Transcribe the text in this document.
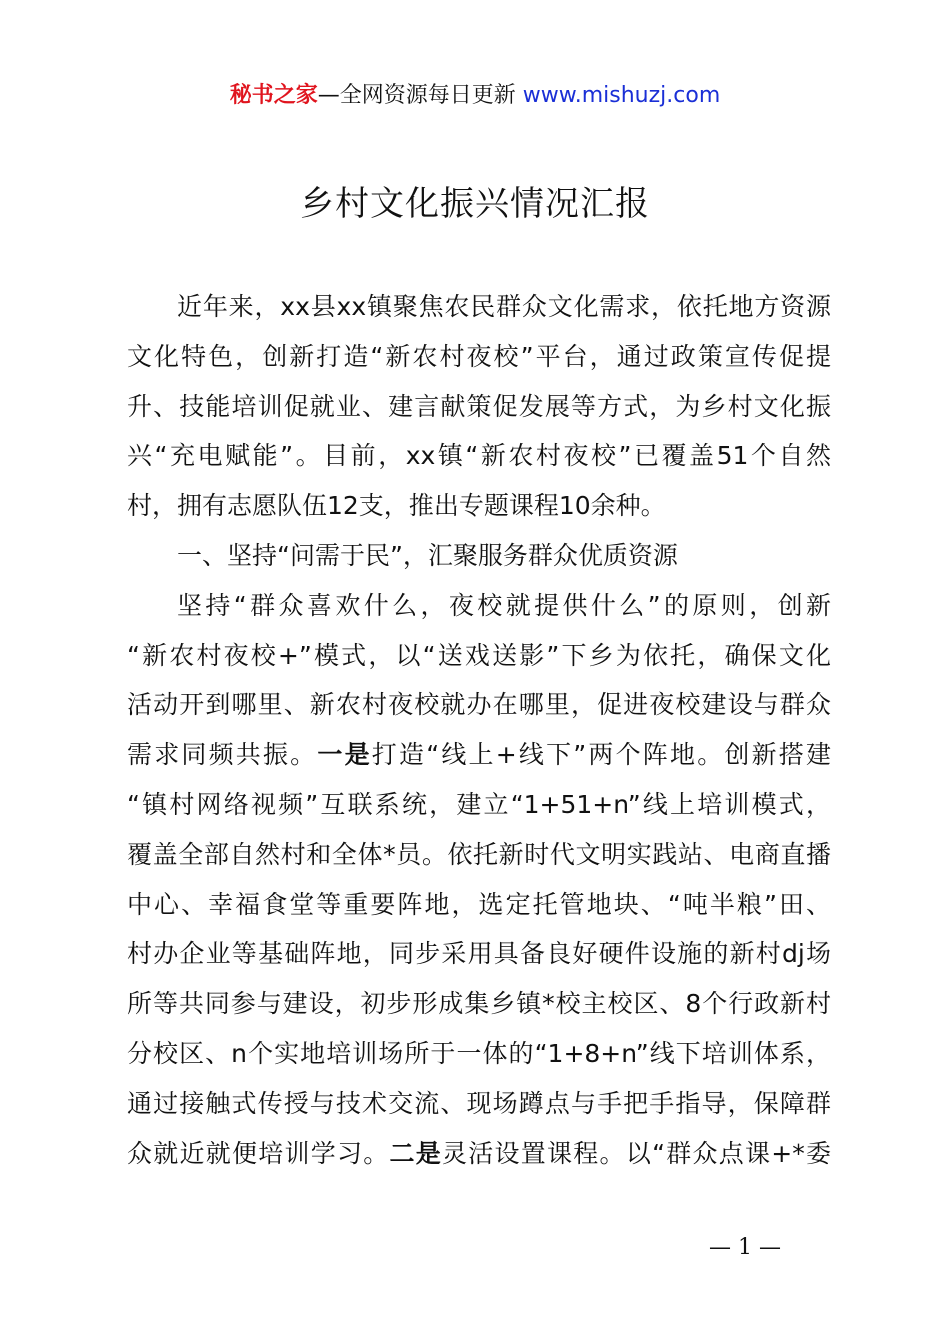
秘书之家—全网资源每日更新 www.mishuzj.com
乡村文化振兴情况汇报
近年来，xx县xx镇聚焦农民群众文化需求，依托地方资源
文化特色，创新打造“新农村夜校”平台，通过政策宣传促提
升、技能培训促就业、建言献策促发展等方式，为乡村文化振
兴“充电赋能”。目前，xx镇“新农村夜校”已覆盖51个自然
村，拥有志愿队伍12支，推出专题课程10余种。
一、坚持“问需于民”，汇聚服务群众优质资源
坚持“群众喜欢什么，夜校就提供什么”的原则，创新
“新农村夜校+”模式，以“送戏送影”下乡为依托，确保文化
活动开到哪里、新农村夜校就办在哪里，促进夜校建设与群众
需求同频共振。一是打造“线上+线下”两个阵地。创新搭建
“镇村网络视频”互联系统，建立“1+51+n”线上培训模式，
覆盖全部自然村和全体*员。依托新时代文明实践站、电商直播
中心、幸福食堂等重要阵地，选定托管地块、“吨半粮”田、
村办企业等基础阵地，同步采用具备良好硬件设施的新村dj场
所等共同参与建设，初步形成集乡镇*校主校区、8个行政新村
分校区、n个实地培训场所于一体的“1+8+n”线下培训体系，
通过接触式传授与技术交流、现场蹲点与手把手指导，保障群
众就近就便培训学习。二是灵活设置课程。以“群众点课+*委
— 1 —
